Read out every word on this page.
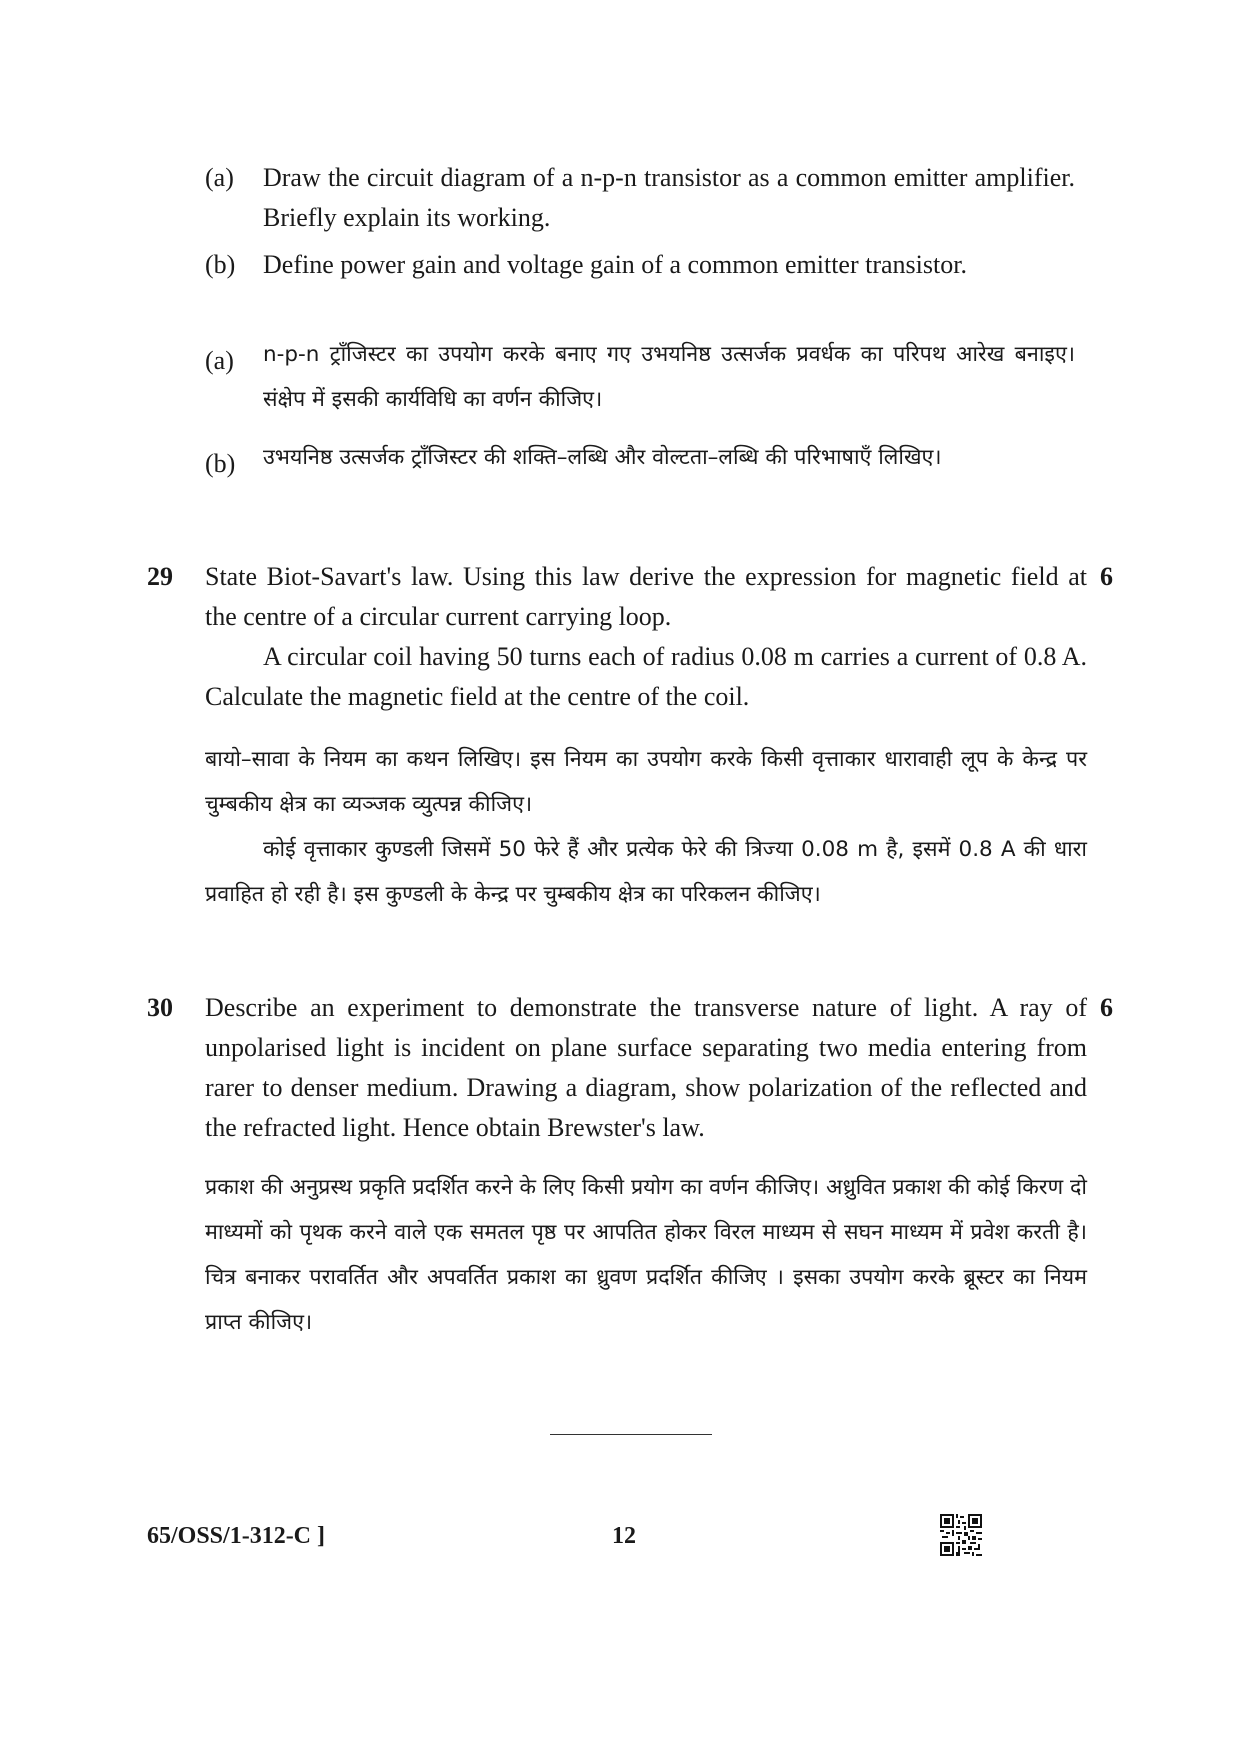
(a) Draw the circuit diagram of a n-p-n transistor as a common emitter amplifier. Briefly explain its working.
(b) Define power gain and voltage gain of a common emitter transistor.
(a) n-p-n ट्रॉंजिस्टर का उपयोग करके बनाए गए उभयनिष्ठ उत्सर्जक प्रवर्धक का परिपथ आरेख बनाइए। संक्षेप में इसकी कार्यविधि का वर्णन कीजिए।
(b) उभयनिष्ठ उत्सर्जक ट्रॉंजिस्टर की शक्ति–लब्धि और वोल्टता–लब्धि की परिभाषाएँ लिखिए।
29	6

State Biot-Savart's law. Using this law derive the expression for magnetic field at the centre of a circular current carrying loop.

A circular coil having 50 turns each of radius 0.08 m carries a current of 0.8 A. Calculate the magnetic field at the centre of the coil.

बायो–सावा के नियम का कथन लिखिए। इस नियम का उपयोग करके किसी वृत्ताकार धारावाही लूप के केन्द्र पर चुम्बकीय क्षेत्र का व्यञ्जक व्युत्पन्न कीजिए।

कोई वृत्ताकार कुण्डली जिसमें 50 फेरे हैं और प्रत्येक फेरे की त्रिज्या 0.08 m है, इसमें 0.8 A की धारा प्रवाहित हो रही है। इस कुण्डली के केन्द्र पर चुम्बकीय क्षेत्र का परिकलन कीजिए।

30	6

Describe an experiment to demonstrate the transverse nature of light. A ray of unpolarised light is incident on plane surface separating two media entering from rarer to denser medium. Drawing a diagram, show polarization of the reflected and the refracted light. Hence obtain Brewster's law.

प्रकाश की अनुप्रस्थ प्रकृति प्रदर्शित करने के लिए किसी प्रयोग का वर्णन कीजिए। अध्रुवित प्रकाश की कोई किरण दो माध्यमों को पृथक करने वाले एक समतल पृष्ठ पर आपतित होकर विरल माध्यम से सघन माध्यम में प्रवेश करती है। चित्र बनाकर परावर्तित और अपवर्तित प्रकाश का ध्रुवण प्रदर्शित कीजिए । इसका उपयोग करके ब्रूस्टर का नियम प्राप्त कीजिए।

65/OSS/1-312-C ]	12
